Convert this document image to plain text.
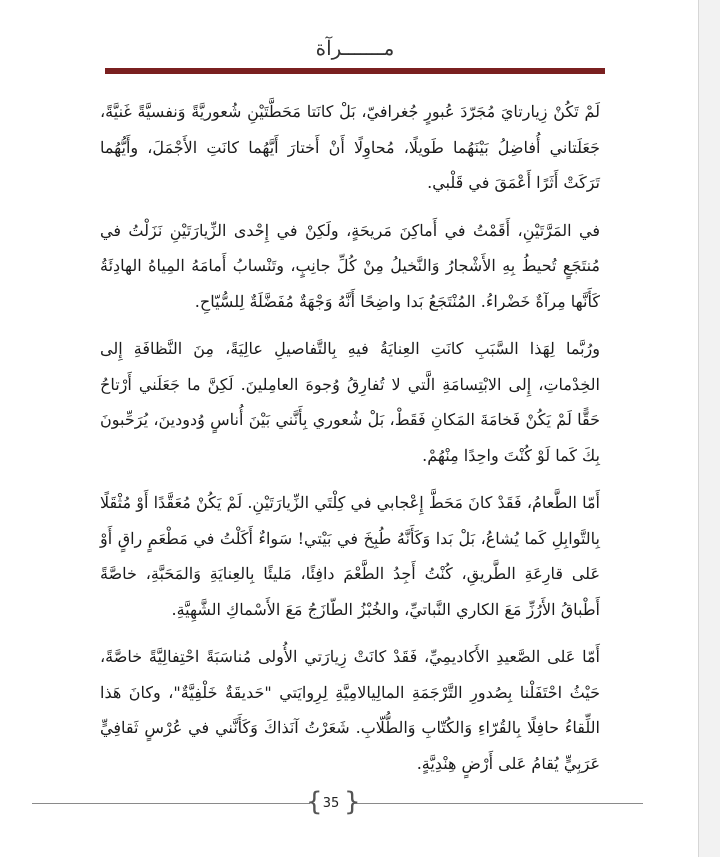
مـــــــرآة

لَمْ تَكُنْ زِيارتايَ مُجَرّدَ عُبورٍ جُغرافيّ، بَلْ كانَتا مَحَطَّتَيْنِ شُعوريَّةً وَنفسيَّةً غَنيَّةً، جَعَلَتاني أُفاضِلُ بَيْنَهُما طَويلًا، مُحاوِلًا أَنْ أَختارَ أَيَّهُما كانَتِ الأَجْمَلَ، وأَيُّهُما تَرَكَتْ أَثَرًا أَعْمَقَ في قَلْبي.

في المَرَّتَيْنِ، أَقَمْتُ في أَماكِنَ مَريحَةٍ، ولَكِنْ في إِحْدى الزِّيارَتَيْنِ نَزَلْتُ في مُنتَجَعٍ تُحيطُ بِهِ الأَشْجارُ وَالنَّخيلُ مِنْ كُلِّ جانِبٍ، وتَنْسابُ أَمامَهُ المِياهُ الهادِئَةُ كَأَنَّها مِرآةٌ خَضْراءُ. المُنْتَجَعُ بَدا واضِحًا أَنَّهُ وَجْهَةٌ مُفَضَّلَةٌ لِلسُّيّاحِ.

ورُبَّما لِهَذا السَّبَبِ كانَتِ العِنايَةُ فيهِ بِالتَّفاصيلِ عالِيَةً، مِنَ النَّظافَةِ إِلى الخِدْماتِ، إِلى الابْتِسامَةِ الَّتي لا تُفارِقُ وُجوهَ العامِلينَ. لَكِنَّ ما جَعَلَني أَرْتاحُ حَقًّا لَمْ يَكُنْ فَخامَةَ المَكانِ فَقَطْ، بَلْ شُعوري بِأَنَّني بَيْنَ أُناسٍ وُدودينَ، يُرَحِّبونَ بِكَ كَما لَوْ كُنْتَ واحِدًا مِنْهُمْ.

أَمّا الطَّعامُ، فَقَدْ كانَ مَحَطَّ إِعْجابي في كِلْتَي الزِّيارَتَيْنِ. لَمْ يَكُنْ مُعَقَّدًا أَوْ مُثْقَلًا بِالتَّوابِلِ كَما يُشاعُ، بَلْ بَدا وَكَأَنَّهُ طُبِخَ في بَيْتي! سَواءٌ أَكَلْتُ في مَطْعَمٍ راقٍ أَوْ عَلى قارِعَةِ الطَّريقِ، كُنْتُ أَجِدُ الطَّعْمَ دافِئًا، مَليئًا بِالعِنايَةِ وَالمَحَبَّةِ، خاصَّةً أَطْباقُ الأَرُزِّ مَعَ الكاري النَّباتيِّ، والخُبْزُ الطّازَجُ مَعَ الأَسْماكِ الشَّهِيَّةِ.

أَمّا عَلى الصَّعيدِ الأَكاديمِيِّ، فَقَدْ كانَتْ زِيارَتي الأُولى مُناسَبَةً احْتِفالِيَّةً خاصَّةً، حَيْثُ احْتَفَلْنا بِصُدورِ التَّرْجَمَةِ المالِيالامِيَّةِ لِرِوايَتي "حَديقَةٌ خَلْفِيَّةٌ"، وكانَ هَذا اللِّقاءُ حافِلًا بِالقُرّاءِ وَالكُتّابِ وَالطُّلّابِ. شَعَرْتُ آنَذاكَ وَكَأَنَّني في عُرْسٍ ثَقافِيٍّ عَرَبِيٍّ يُقامُ عَلى أَرْضٍ هِنْدِيَّةٍ.

{ 35 }
